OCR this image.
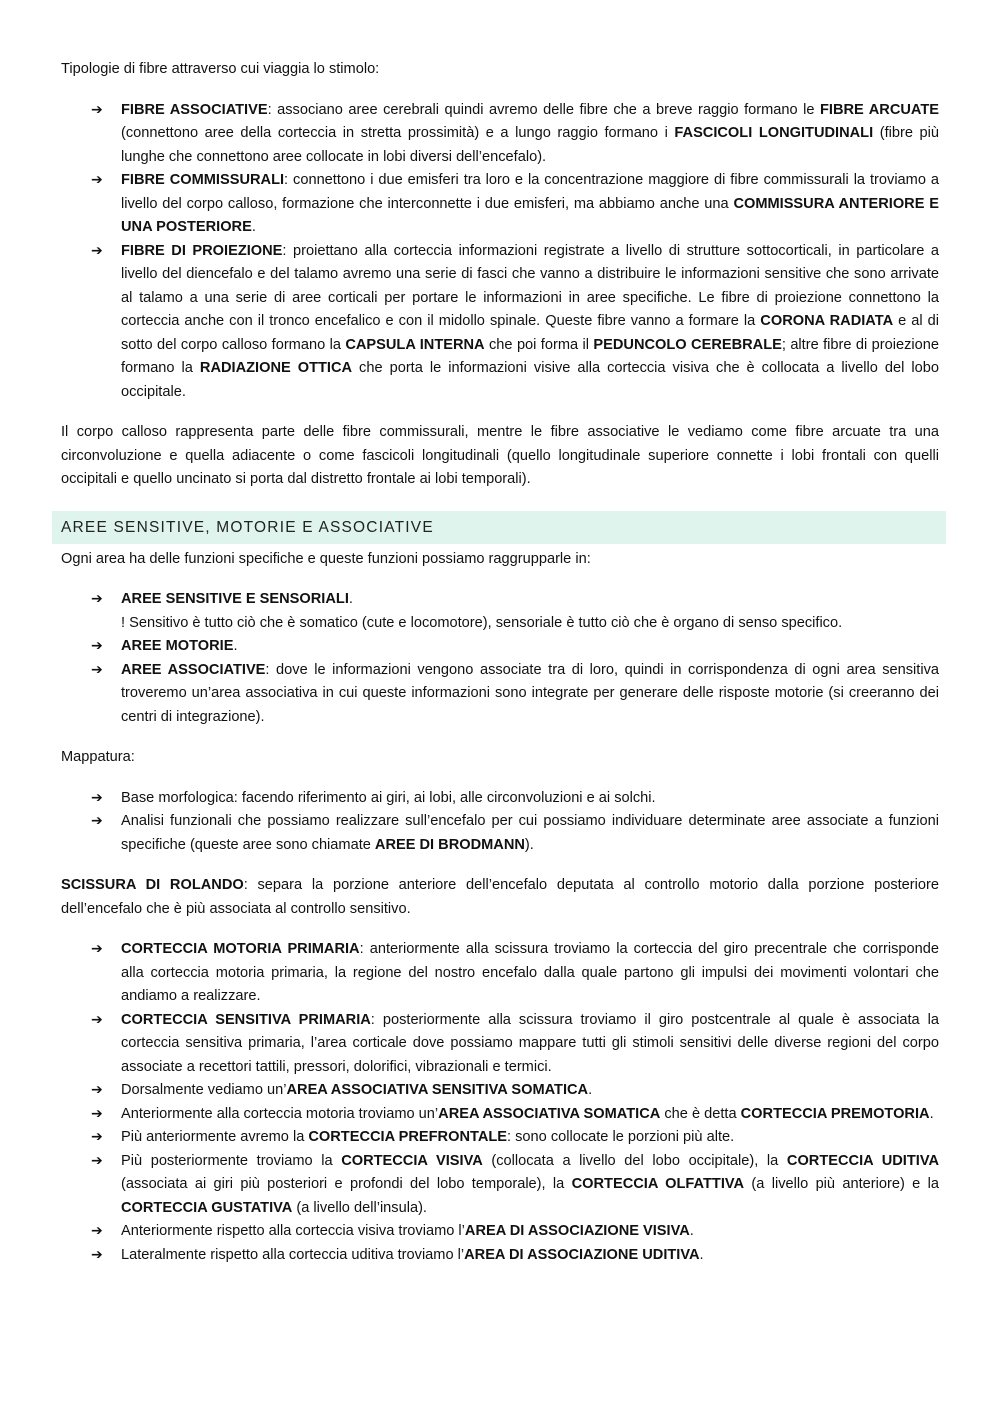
Tipologie di fibre attraverso cui viaggia lo stimolo:

➔ FIBRE ASSOCIATIVE: associano aree cerebrali quindi avremo delle fibre che a breve raggio formano le FIBRE ARCUATE (connettono aree della corteccia in stretta prossimità) e a lungo raggio formano i FASCICOLI LONGITUDINALI (fibre più lunghe che connettono aree collocate in lobi diversi dell’encefalo).
➔ FIBRE COMMISSURALI: connettono i due emisferi tra loro e la concentrazione maggiore di fibre commissurali la troviamo a livello del corpo calloso, formazione che interconnette i due emisferi, ma abbiamo anche una COMMISSURA ANTERIORE E UNA POSTERIORE.
➔ FIBRE DI PROIEZIONE: proiettano alla corteccia informazioni registrate a livello di strutture sottocorticali, in particolare a livello del diencefalo e del talamo avremo una serie di fasci che vanno a distribuire le informazioni sensitive che sono arrivate al talamo a una serie di aree corticali per portare le informazioni in aree specifiche. Le fibre di proiezione connettono la corteccia anche con il tronco encefalico e con il midollo spinale. Queste fibre vanno a formare la CORONA RADIATA e al di sotto del corpo calloso formano la CAPSULA INTERNA che poi forma il PEDUNCOLO CEREBRALE; altre fibre di proiezione formano la RADIAZIONE OTTICA che porta le informazioni visive alla corteccia visiva che è collocata a livello del lobo occipitale.

Il corpo calloso rappresenta parte delle fibre commissurali, mentre le fibre associative le vediamo come fibre arcuate tra una circonvoluzione e quella adiacente o come fascicoli longitudinali (quello longitudinale superiore connette i lobi frontali con quelli occipitali e quello uncinato si porta dal distretto frontale ai lobi temporali).

AREE SENSITIVE, MOTORIE E ASSOCIATIVE

Ogni area ha delle funzioni specifiche e queste funzioni possiamo raggrupparle in:

➔ AREE SENSITIVE E SENSORIALI.
! Sensitivo è tutto ciò che è somatico (cute e locomotore), sensoriale è tutto ciò che è organo di senso specifico.
➔ AREE MOTORIE.
➔ AREE ASSOCIATIVE: dove le informazioni vengono associate tra di loro, quindi in corrispondenza di ogni area sensitiva troveremo un’area associativa in cui queste informazioni sono integrate per generare delle risposte motorie (si creeranno dei centri di integrazione).

Mappatura:

➔ Base morfologica: facendo riferimento ai giri, ai lobi, alle circonvoluzioni e ai solchi.
➔ Analisi funzionali che possiamo realizzare sull’encefalo per cui possiamo individuare determinate aree associate a funzioni specifiche (queste aree sono chiamate AREE DI BRODMANN).

SCISSURA DI ROLANDO: separa la porzione anteriore dell’encefalo deputata al controllo motorio dalla porzione posteriore dell’encefalo che è più associata al controllo sensitivo.

➔ CORTECCIA MOTORIA PRIMARIA: anteriormente alla scissura troviamo la corteccia del giro precentrale che corrisponde alla corteccia motoria primaria, la regione del nostro encefalo dalla quale partono gli impulsi dei movimenti volontari che andiamo a realizzare.
➔ CORTECCIA SENSITIVA PRIMARIA: posteriormente alla scissura troviamo il giro postcentrale al quale è associata la corteccia sensitiva primaria, l’area corticale dove possiamo mappare tutti gli stimoli sensitivi delle diverse regioni del corpo associate a recettori tattili, pressori, dolorifici, vibrazionali e termici.
➔ Dorsalmente vediamo un’AREA ASSOCIATIVA SENSITIVA SOMATICA.
➔ Anteriormente alla corteccia motoria troviamo un’AREA ASSOCIATIVA SOMATICA che è detta CORTECCIA PREMOTORIA.
➔ Più anteriormente avremo la CORTECCIA PREFRONTALE: sono collocate le porzioni più alte.
➔ Più posteriormente troviamo la CORTECCIA VISIVA (collocata a livello del lobo occipitale), la CORTECCIA UDITIVA (associata ai giri più posteriori e profondi del lobo temporale), la CORTECCIA OLFATTIVA (a livello più anteriore) e la CORTECCIA GUSTATIVA (a livello dell’insula).
➔ Anteriormente rispetto alla corteccia visiva troviamo l’AREA DI ASSOCIAZIONE VISIVA.
➔ Lateralmente rispetto alla corteccia uditiva troviamo l’AREA DI ASSOCIAZIONE UDITIVA.
